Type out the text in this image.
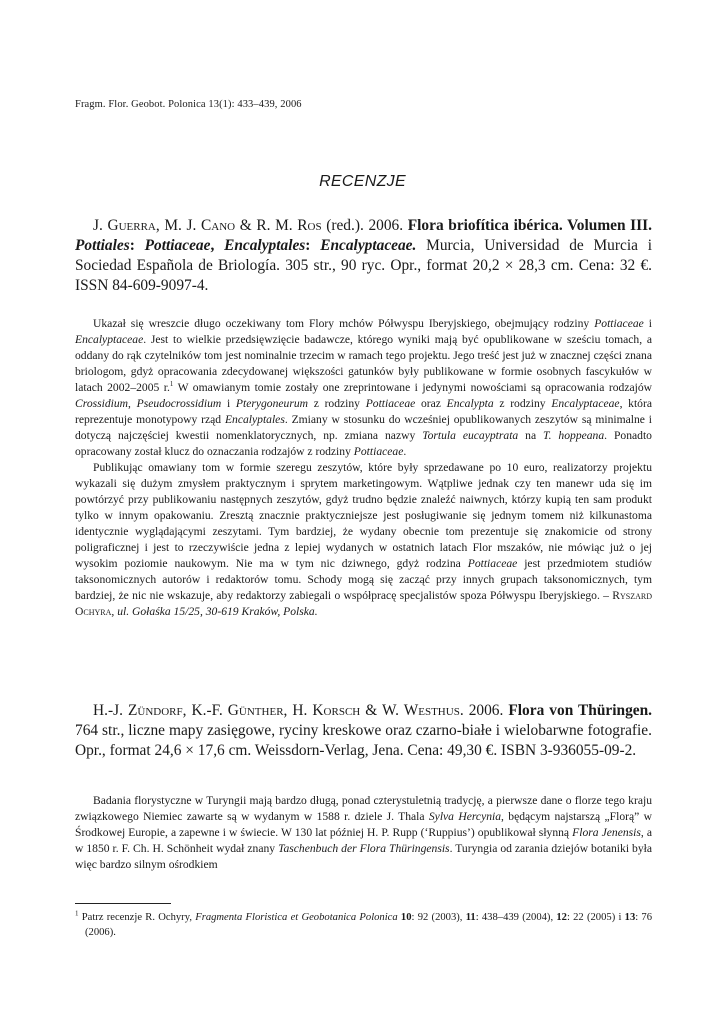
Fragm. Flor. Geobot. Polonica 13(1): 433–439, 2006
RECENZJE

J. Guerra, M. J. Cano & R. M. Ros (red.). 2006. Flora briofítica ibérica. Volumen III. Pottiales: Pottiaceae, Encalyptales: Encalyptaceae. Murcia, Universidad de Murcia i Sociedad Española de Briología. 305 str., 90 ryc. Opr., format 20,2 × 28,3 cm. Cena: 32 €. ISSN 84-609-9097-4.

Ukazał się wreszcie długo oczekiwany tom Flory mchów Półwyspu Iberyjskiego, obejmujący rodziny Pottiaceae i Encalyptaceae. Jest to wielkie przedsięwzięcie badawcze, którego wyniki mają być opublikowane w sześciu tomach, a oddany do rąk czytelników tom jest nominalnie trzecim w ramach tego projektu. Jego treść jest już w znacznej części znana briologom, gdyż opracowania zdecydowanej większości gatunków były publikowane w formie osobnych fascykułów w latach 2002–2005 r.$^1$ W omawianym tomie zostały one zreprintowane i jedynymi nowościami są opracowania rodzajów Crossidium, Pseudocrossidium i Pterygoneurum z rodziny Pottiaceae oraz Encalypta z rodziny Encalyptaceae, która reprezentuje monotypowy rząd Encalyptales. Zmiany w stosunku do wcześniej opublikowanych zeszytów są minimalne i dotyczą najczęściej kwestii nomenklatorycznych, np. zmiana nazwy Tortula eucayptrata na T. hoppeana. Ponadto opracowany został klucz do oznaczania rodzajów z rodziny Pottiaceae.

Publikując omawiany tom w formie szeregu zeszytów, które były sprzedawane po 10 euro, realizatorzy projektu wykazali się dużym zmysłem praktycznym i sprytem marketingowym. Wątpliwe jednak czy ten manewr uda się im powtórzyć przy publikowaniu następnych zeszytów, gdyż trudno będzie znaleźć naiwnych, którzy kupią ten sam produkt tylko w innym opakowaniu. Zresztą znacznie praktyczniejsze jest posługiwanie się jednym tomem niż kilkunastoma identycznie wyglądającymi zeszytami. Tym bardziej, że wydany obecnie tom prezentuje się znakomicie od strony poligraficznej i jest to rzeczywiście jedna z lepiej wydanych w ostatnich latach Flor mszaków, nie mówiąc już o jej wysokim poziomie naukowym. Nie ma w tym nic dziwnego, gdyż rodzina Pottiaceae jest przedmiotem studiów taksonomicznych autorów i redaktorów tomu. Schody mogą się zacząć przy innych grupach taksonomicznych, tym bardziej, że nic nie wskazuje, aby redaktorzy zabiegali o współpracę specjalistów spoza Półwyspu Iberyjskiego. – Ryszard Ochyra, ul. Gołaśka 15/25, 30-619 Kraków, Polska.

H.-J. Zündorf, K.-F. Günther, H. Korsch & W. Westhus. 2006. Flora von Thüringen. 764 str., liczne mapy zasięgowe, ryciny kreskowe oraz czarno-białe i wielobarwne fotografie. Opr., format 24,6 × 17,6 cm. Weissdorn-Verlag, Jena. Cena: 49,30 €. ISBN 3-936055-09-2.

Badania florystyczne w Turyngii mają bardzo długą, ponad czterystuletnią tradycję, a pierwsze dane o florze tego kraju związkowego Niemiec zawarte są w wydanym w 1588 r. dziele J. Thala Sylva Hercynia, będącym najstarszą „Florą” w Środkowej Europie, a zapewne i w świecie. W 130 lat później H. P. Rupp (‘Ruppius’) opublikował słynną Flora Jenensis, a w 1850 r. F. Ch. H. Schönheit wydał znany Taschenbuch der Flora Thüringensis. Turyngia od zarania dziejów botaniki była więc bardzo silnym ośrodkiem

$^1$ Patrz recenzje R. Ochyry, Fragmenta Floristica et Geobotanica Polonica 10: 92 (2003), 11: 438–439 (2004), 12: 22 (2005) i 13: 76 (2006).
